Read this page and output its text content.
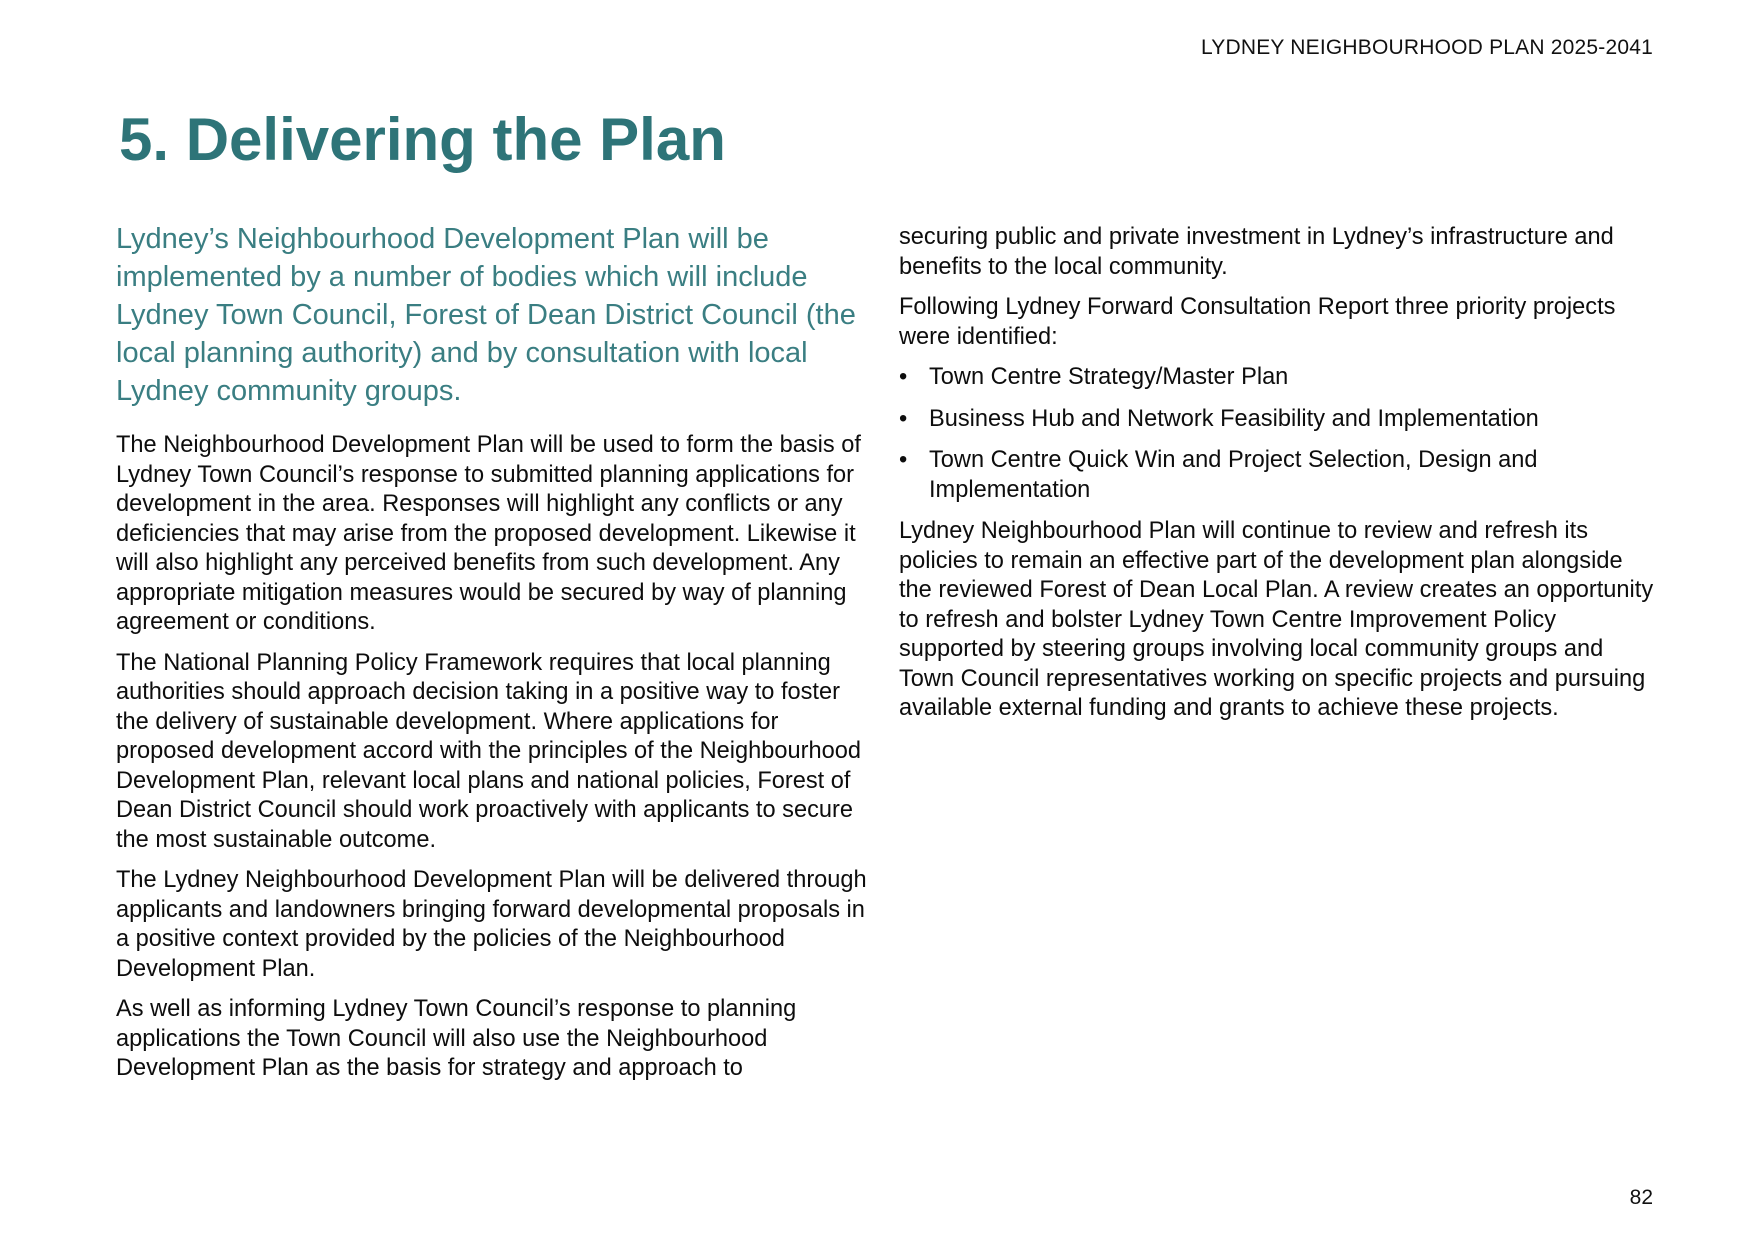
LYDNEY NEIGHBOURHOOD PLAN 2025-2041
5. Delivering the Plan

Lydney’s Neighbourhood Development Plan will be implemented by a number of bodies which will include Lydney Town Council, Forest of Dean District Council (the local planning authority) and by consultation with local Lydney community groups.

The Neighbourhood Development Plan will be used to form the basis of Lydney Town Council’s response to submitted planning applications for development in the area. Responses will highlight any conflicts or any deficiencies that may arise from the proposed development. Likewise it will also highlight any perceived benefits from such development. Any appropriate mitigation measures would be secured by way of planning agreement or conditions.

The National Planning Policy Framework requires that local planning authorities should approach decision taking in a positive way to foster the delivery of sustainable development. Where applications for proposed development accord with the principles of the Neighbourhood Development Plan, relevant local plans and national policies, Forest of Dean District Council should work proactively with applicants to secure the most sustainable outcome.

The Lydney Neighbourhood Development Plan will be delivered through applicants and landowners bringing forward developmental proposals in a positive context provided by the policies of the Neighbourhood Development Plan.

As well as informing Lydney Town Council’s response to planning applications the Town Council will also use the Neighbourhood Development Plan as the basis for strategy and approach to

securing public and private investment in Lydney’s infrastructure and benefits to the local community.

Following Lydney Forward Consultation Report three priority projects were identified:

• Town Centre Strategy/Master Plan
• Business Hub and Network Feasibility and Implementation
• Town Centre Quick Win and Project Selection, Design and Implementation

Lydney Neighbourhood Plan will continue to review and refresh its policies to remain an effective part of the development plan alongside the reviewed Forest of Dean Local Plan. A review creates an opportunity to refresh and bolster Lydney Town Centre Improvement Policy supported by steering groups involving local community groups and Town Council representatives working on specific projects and pursuing available external funding and grants to achieve these projects.

82
